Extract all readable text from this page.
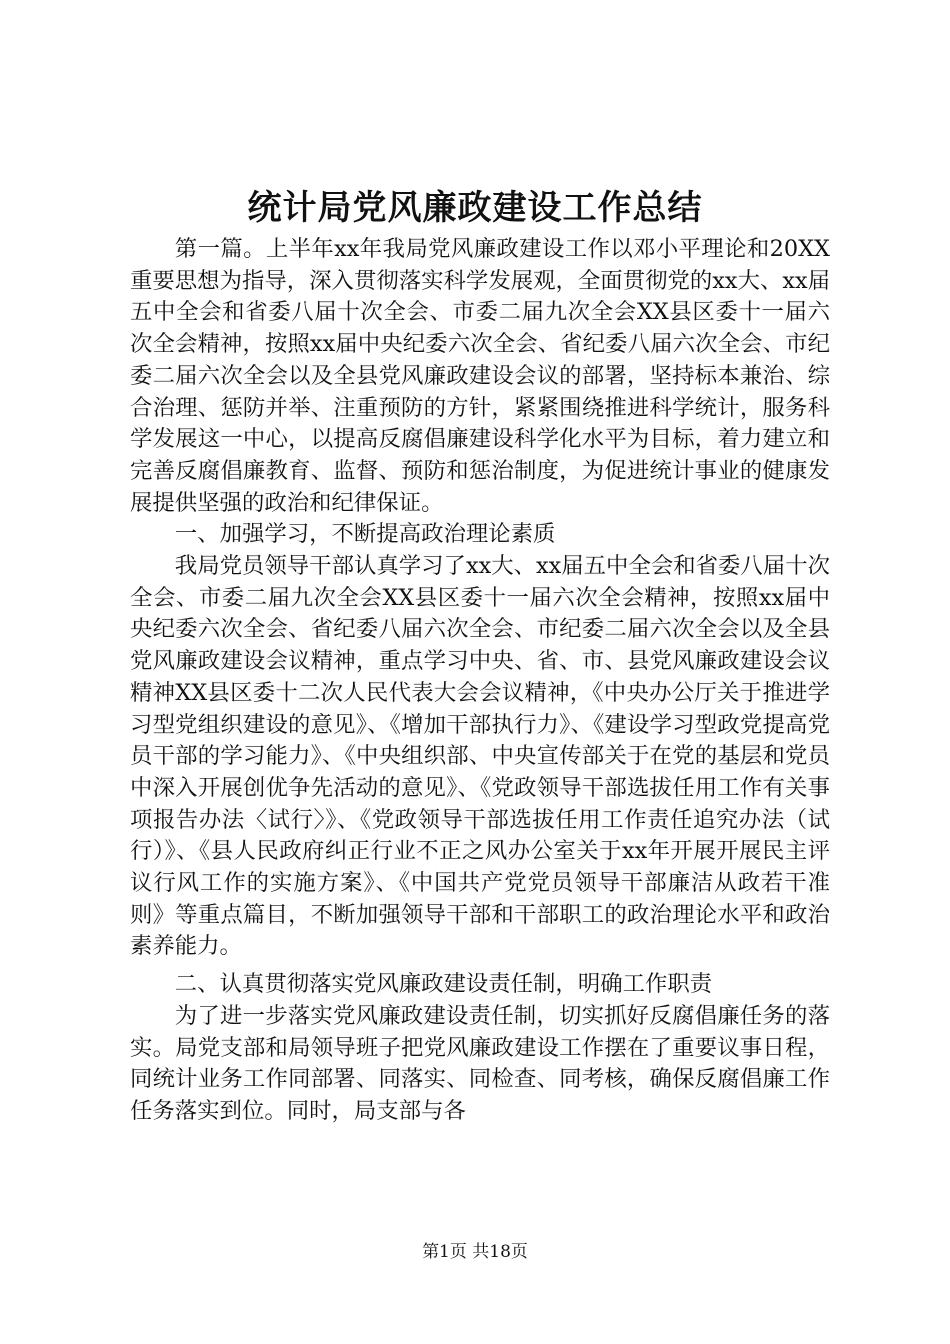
统计局党风廉政建设工作总结

第一篇。上半年xx年我局党风廉政建设工作以邓小平理论和20XX重要思想为指导，深入贯彻落实科学发展观，全面贯彻党的xx大、xx届五中全会和省委八届十次全会、市委二届九次全会XX县区委十一届六次全会精神，按照xx届中央纪委六次全会、省纪委八届六次全会、市纪委二届六次全会以及全县党风廉政建设会议的部署，坚持标本兼治、综合治理、惩防并举、注重预防的方针，紧紧围绕推进科学统计，服务科学发展这一中心，以提高反腐倡廉建设科学化水平为目标，着力建立和完善反腐倡廉教育、监督、预防和惩治制度，为促进统计事业的健康发展提供坚强的政治和纪律保证。

一、加强学习，不断提高政治理论素质

我局党员领导干部认真学习了xx大、xx届五中全会和省委八届十次全会、市委二届九次全会XX县区委十一届六次全会精神，按照xx届中央纪委六次全会、省纪委八届六次全会、市纪委二届六次全会以及全县党风廉政建设会议精神，重点学习中央、省、市、县党风廉政建设会议精神XX县区委十二次人民代表大会会议精神，《中央办公厅关于推进学习型党组织建设的意见》、《增加干部执行力》、《建设学习型政党提高党员干部的学习能力》、《中央组织部、中央宣传部关于在党的基层和党员中深入开展创优争先活动的意见》、《党政领导干部选拔任用工作有关事项报告办法〈试行〉》、《党政领导干部选拔任用工作责任追究办法（试行）》、《县人民政府纠正行业不正之风办公室关于xx年开展开展民主评议行风工作的实施方案》、《中国共产党党员领导干部廉洁从政若干准则》等重点篇目，不断加强领导干部和干部职工的政治理论水平和政治素养能力。

二、认真贯彻落实党风廉政建设责任制，明确工作职责

为了进一步落实党风廉政建设责任制，切实抓好反腐倡廉任务的落实。局党支部和局领导班子把党风廉政建设工作摆在了重要议事日程，同统计业务工作同部署、同落实、同检查、同考核，确保反腐倡廉工作任务落实到位。同时，局支部与各

第1页 共18页
